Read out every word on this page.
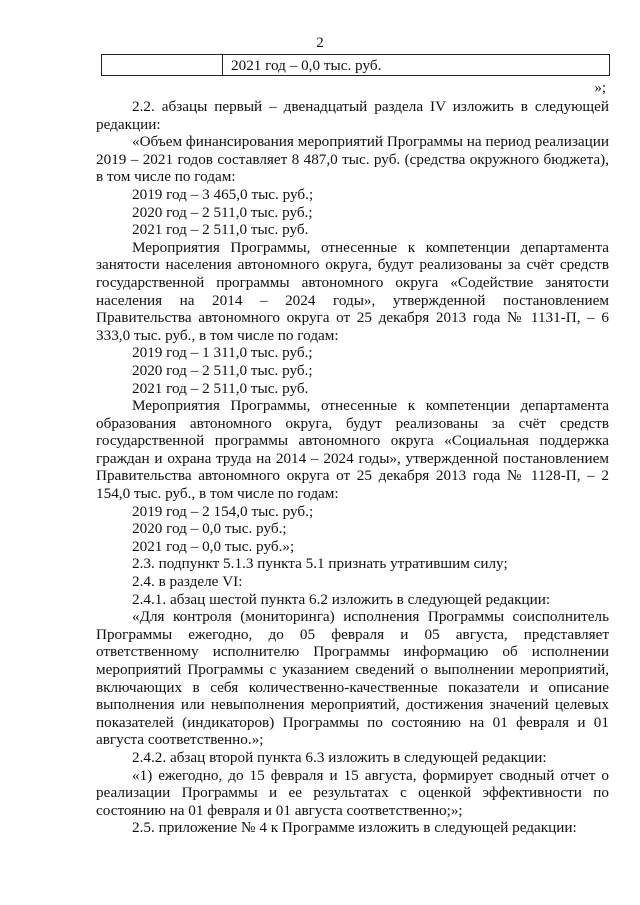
2
2021 год – 0,0 тыс. руб.
»;

2.2. абзацы первый – двенадцатый раздела IV изложить в следующей редакции:

«Объем финансирования мероприятий Программы на период реализации 2019 – 2021 годов составляет 8 487,0 тыс. руб. (средства окружного бюджета), в том числе по годам:

2019 год – 3 465,0 тыс. руб.;

2020 год – 2 511,0 тыс. руб.;

2021 год – 2 511,0 тыс. руб.

Мероприятия Программы, отнесенные к компетенции департамента занятости населения автономного округа, будут реализованы за счёт средств государственной программы автономного округа «Содействие занятости населения на 2014 – 2024 годы», утвержденной постановлением Правительства автономного округа от 25 декабря 2013 года № 1131-П, – 6 333,0 тыс. руб., в том числе по годам:

2019 год – 1 311,0 тыс. руб.;

2020 год – 2 511,0 тыс. руб.;

2021 год – 2 511,0 тыс. руб.

Мероприятия Программы, отнесенные к компетенции департамента образования автономного округа, будут реализованы за счёт средств государственной программы автономного округа «Социальная поддержка граждан и охрана труда на 2014 – 2024 годы», утвержденной постановлением Правительства автономного округа от 25 декабря 2013 года № 1128-П, – 2 154,0 тыс. руб., в том числе по годам:

2019 год – 2 154,0 тыс. руб.;

2020 год – 0,0 тыс. руб.;

2021 год – 0,0 тыс. руб.»;

2.3. подпункт 5.1.3 пункта 5.1 признать утратившим силу;

2.4. в разделе VI:

2.4.1. абзац шестой пункта 6.2 изложить в следующей редакции:

«Для контроля (мониторинга) исполнения Программы соисполнитель Программы ежегодно, до 05 февраля и 05 августа, представляет ответственному исполнителю Программы информацию об исполнении мероприятий Программы с указанием сведений о выполнении мероприятий, включающих в себя количественно-качественные показатели и описание выполнения или невыполнения мероприятий, достижения значений целевых показателей (индикаторов) Программы по состоянию на 01 февраля и 01 августа соответственно.»;

2.4.2. абзац второй пункта 6.3 изложить в следующей редакции:

«1) ежегодно, до 15 февраля и 15 августа, формирует сводный отчет о реализации Программы и ее результатах с оценкой эффективности по состоянию на 01 февраля и 01 августа соответственно;»;

2.5. приложение № 4 к Программе изложить в следующей редакции:
